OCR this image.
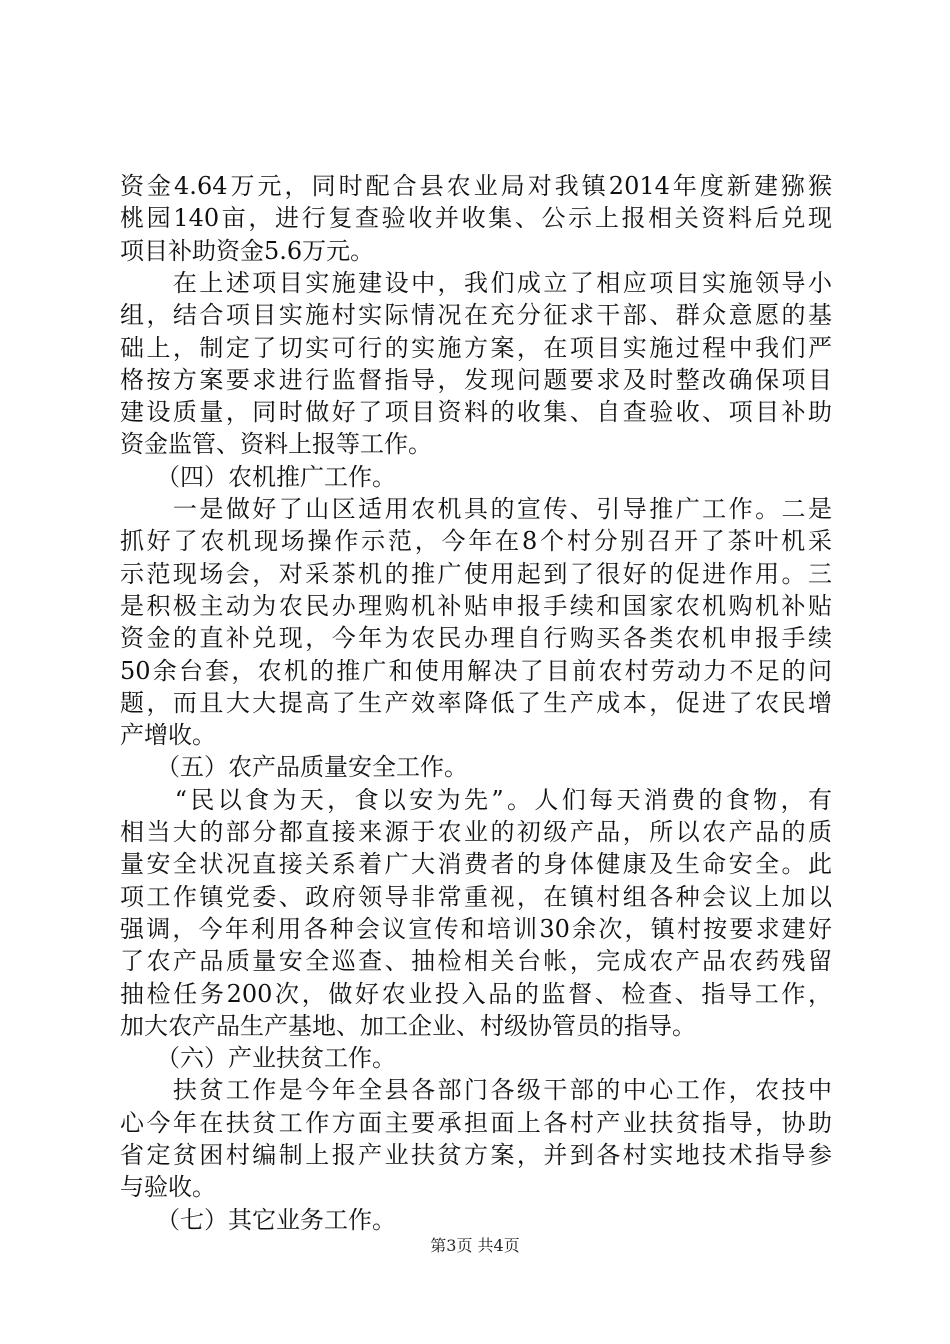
资金4.64万元，同时配合县农业局对我镇2014年度新建猕猴
桃园140亩，进行复查验收并收集、公示上报相关资料后兑现
项目补助资金5.6万元。
　　在上述项目实施建设中，我们成立了相应项目实施领导小
组，结合项目实施村实际情况在充分征求干部、群众意愿的基
础上，制定了切实可行的实施方案，在项目实施过程中我们严
格按方案要求进行监督指导，发现问题要求及时整改确保项目
建设质量，同时做好了项目资料的收集、自查验收、项目补助
资金监管、资料上报等工作。
　　（四）农机推广工作。
　　一是做好了山区适用农机具的宣传、引导推广工作。二是
抓好了农机现场操作示范，今年在8个村分别召开了茶叶机采
示范现场会，对采茶机的推广使用起到了很好的促进作用。三
是积极主动为农民办理购机补贴申报手续和国家农机购机补贴
资金的直补兑现，今年为农民办理自行购买各类农机申报手续
50余台套，农机的推广和使用解决了目前农村劳动力不足的问
题，而且大大提高了生产效率降低了生产成本，促进了农民增
产增收。
　　（五）农产品质量安全工作。
　　“民以食为天，食以安为先”。人们每天消费的食物，有
相当大的部分都直接来源于农业的初级产品，所以农产品的质
量安全状况直接关系着广大消费者的身体健康及生命安全。此
项工作镇党委、政府领导非常重视，在镇村组各种会议上加以
强调，今年利用各种会议宣传和培训30余次，镇村按要求建好
了农产品质量安全巡查、抽检相关台帐，完成农产品农药残留
抽检任务200次，做好农业投入品的监督、检查、指导工作，
加大农产品生产基地、加工企业、村级协管员的指导。
　　（六）产业扶贫工作。
　　扶贫工作是今年全县各部门各级干部的中心工作，农技中
心今年在扶贫工作方面主要承担面上各村产业扶贫指导，协助
省定贫困村编制上报产业扶贫方案，并到各村实地技术指导参
与验收。
　　（七）其它业务工作。
第3页 共4页
